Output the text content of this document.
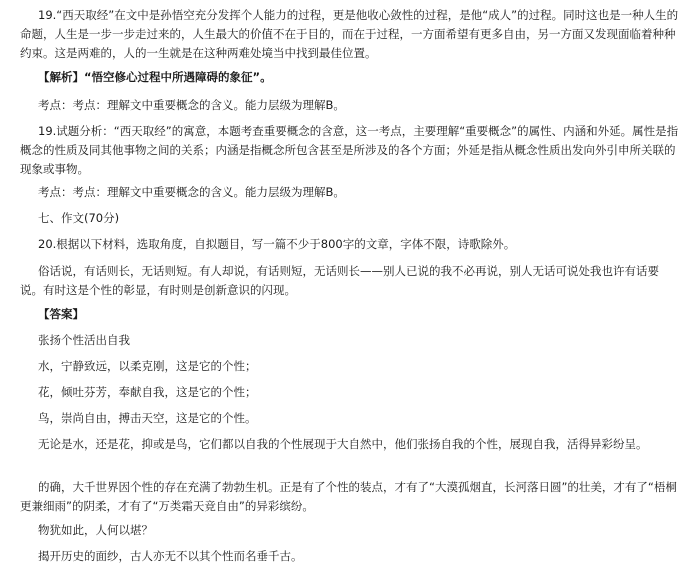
19.“西天取经”在文中是孙悟空充分发挥个人能力的过程，更是他收心敛性的过程，是他“成人”的过程。同时这也是一种人生的命题，人生是一步一步走过来的，人生最大的价值不在于目的，而在于过程，一方面希望有更多自由，另一方面又发现面临着种种约束。这是两难的，人的一生就是在这种两难处境当中找到最佳位置。
【解析】“悟空修心过程中所遇障碍的象征”。
考点：考点：理解文中重要概念的含义。能力层级为理解B。
19.试题分析：“西天取经”的寓意，本题考查重要概念的含意，这一考点，主要理解“重要概念”的属性、内涵和外延。属性是指概念的性质及同其他事物之间的关系；内涵是指概念所包含甚至是所涉及的各个方面；外延是指从概念性质出发向外引申所关联的现象或事物。
考点：考点：理解文中重要概念的含义。能力层级为理解B。
七、作文(70分)
20.根据以下材料，选取角度，自拟题目，写一篇不少于800字的文章，字体不限，诗歌除外。
俗话说，有话则长，无话则短。有人却说，有话则短，无话则长——别人已说的我不必再说，别人无话可说处我也许有话要说。有时这是个性的彰显，有时则是创新意识的闪现。
【答案】
张扬个性活出自我
水，宁静致远，以柔克刚，这是它的个性；
花，倾吐芬芳，奉献自我，这是它的个性；
鸟，崇尚自由，搏击天空，这是它的个性。
无论是水，还是花，抑或是鸟，它们都以自我的个性展现于大自然中，他们张扬自我的个性，展现自我，活得异彩纷呈。
的确，大千世界因个性的存在充满了勃勃生机。正是有了个性的装点，才有了“大漠孤烟直，长河落日圆”的壮美，才有了“梧桐更兼细雨”的阴柔，才有了“万类霜天竞自由”的异彩缤纷。
物犹如此，人何以堪？
揭开历史的面纱，古人亦无不以其个性而名垂千古。
